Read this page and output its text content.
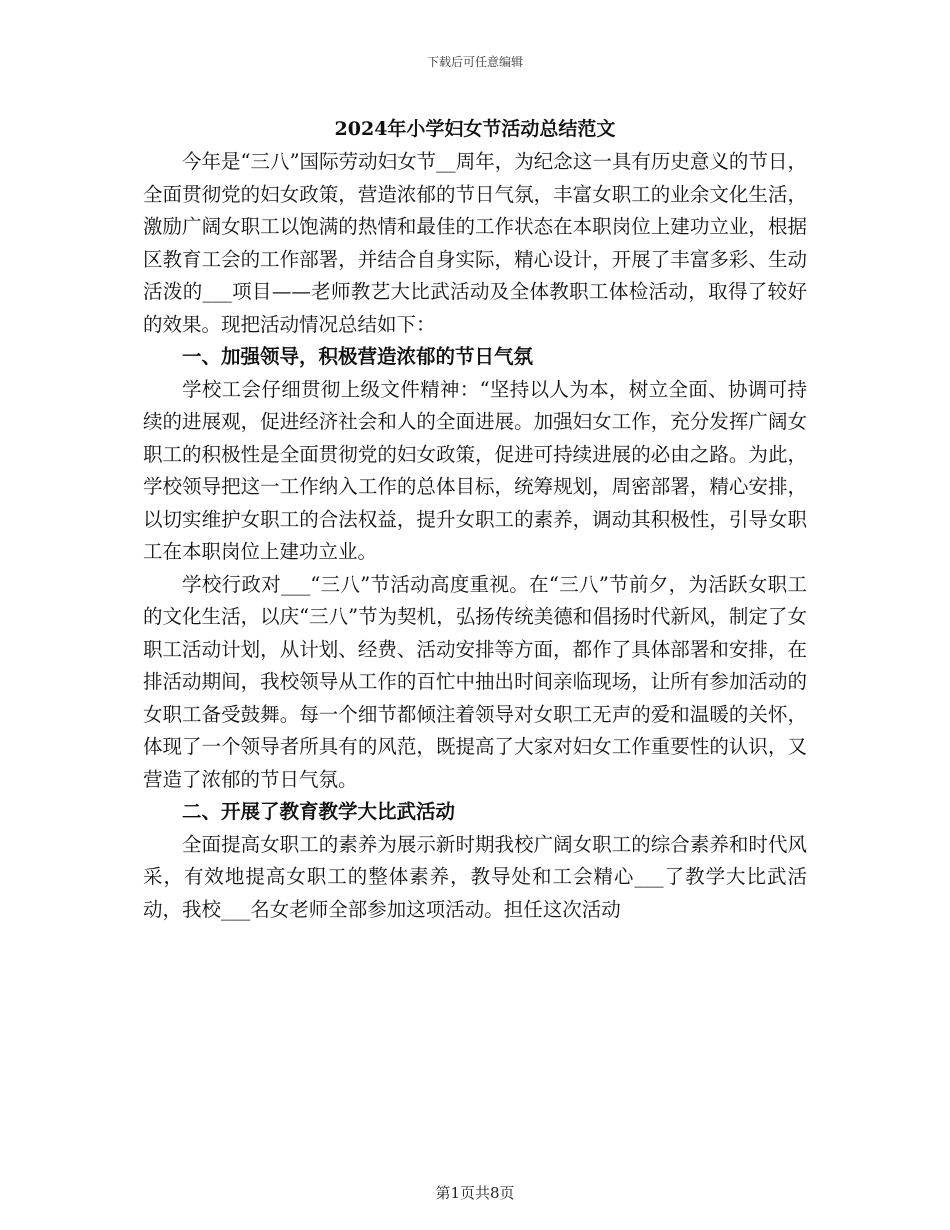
下载后可任意编辑
2024年小学妇女节活动总结范文

今年是“三八”国际劳动妇女节__周年，为纪念这一具有历史意义的节日，全面贯彻党的妇女政策，营造浓郁的节日气氛，丰富女职工的业余文化生活，激励广阔女职工以饱满的热情和最佳的工作状态在本职岗位上建功立业，根据区教育工会的工作部署，并结合自身实际，精心设计，开展了丰富多彩、生动活泼的___项目——老师教艺大比武活动及全体教职工体检活动，取得了较好的效果。现把活动情况总结如下：

一、加强领导，积极营造浓郁的节日气氛

学校工会仔细贯彻上级文件精神：“坚持以人为本，树立全面、协调可持续的进展观，促进经济社会和人的全面进展。加强妇女工作，充分发挥广阔女职工的积极性是全面贯彻党的妇女政策，促进可持续进展的必由之路。为此，学校领导把这一工作纳入工作的总体目标，统筹规划，周密部署，精心安排，以切实维护女职工的合法权益，提升女职工的素养，调动其积极性，引导女职工在本职岗位上建功立业。

学校行政对___“三八”节活动高度重视。在“三八”节前夕，为活跃女职工的文化生活，以庆“三八”节为契机，弘扬传统美德和倡扬时代新风，制定了女职工活动计划，从计划、经费、活动安排等方面，都作了具体部署和安排，在排活动期间，我校领导从工作的百忙中抽出时间亲临现场，让所有参加活动的女职工备受鼓舞。每一个细节都倾注着领导对女职工无声的爱和温暖的关怀，体现了一个领导者所具有的风范，既提高了大家对妇女工作重要性的认识，又营造了浓郁的节日气氛。

二、开展了教育教学大比武活动

全面提高女职工的素养为展示新时期我校广阔女职工的综合素养和时代风采，有效地提高女职工的整体素养，教导处和工会精心___了教学大比武活动，我校___名女老师全部参加这项活动。担任这次活动

第1页共8页
